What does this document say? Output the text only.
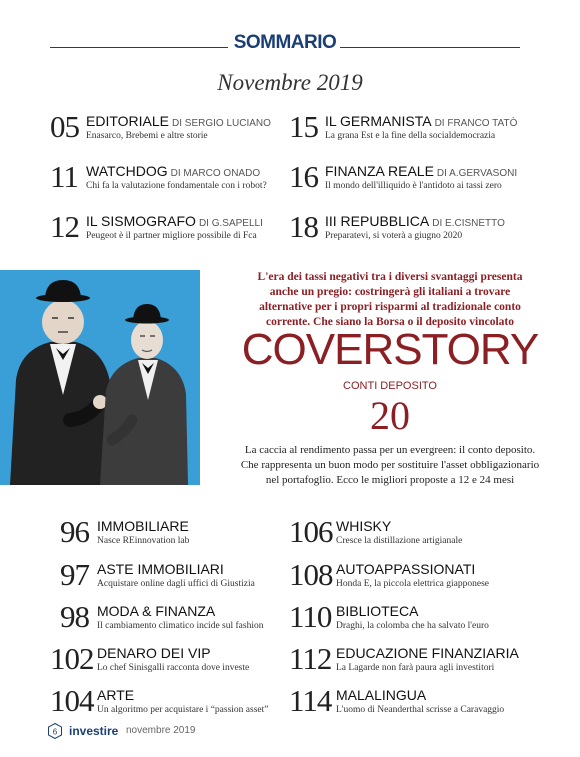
SOMMARIO
Novembre 2019
05 EDITORIALE DI SERGIO LUCIANO
Enasarco, Brebemi e altre storie	15 IL GERMANISTA DI FRANCO TATÒ
La grana Est e la fine della socialdemocrazia
11 WATCHDOG DI MARCO ONADO
Chi fa la valutazione fondamentale con i robot? 16 FINANZA REALE DI A.GERVASONI
Il mondo dell'illiquido è l'antidoto ai tassi zero
12 IL SISMOGRAFO DI G.SAPELLI
Peugeot è il partner migliore possibile di Fca 18 III REPUBBLICA DI E.CISNETTO
Preparatevi, si voterà a giugno 2020
L'era dei tassi negativi tra i diversi svantaggi presenta
anche un pregio: costringerà gli italiani a trovare
alternative per i propri risparmi al tradizionale conto
corrente. Che siano la Borsa o il deposito vincolato
COVERSTORY
CONTI DEPOSITO
20
La caccia al rendimento passa per un evergreen: il conto deposito.
Che rappresenta un buon modo per sostituire l'asset obbligazionario
nel portafoglio. Ecco le migliori proposte a 12 e 24 mesi
96 IMMOBILIARE
Nasce REinnovation lab	106 WHISKY
Cresce la distillazione artigianale
97 ASTE IMMOBILIARI
Acquistare online dagli uffici di Giustizia 108 AUTOAPPASSIONATI
Honda E, la piccola elettrica giapponese
98 MODA & FINANZA
Il cambiamento climatico incide sul fashion 110 BIBLIOTECA
Draghi, la colomba che ha salvato l'euro
102 DENARO DEI VIP
Lo chef Sinisgalli racconta dove investe 112 EDUCAZIONE FINANZIARIA
La Lagarde non farà paura agli investitori
104 ARTE
Un algoritmo per acquistare i “passion asset” 114 MALALINGUA
L'uomo di Neanderthal scrisse a Caravaggio
6 investire novembre 2019
